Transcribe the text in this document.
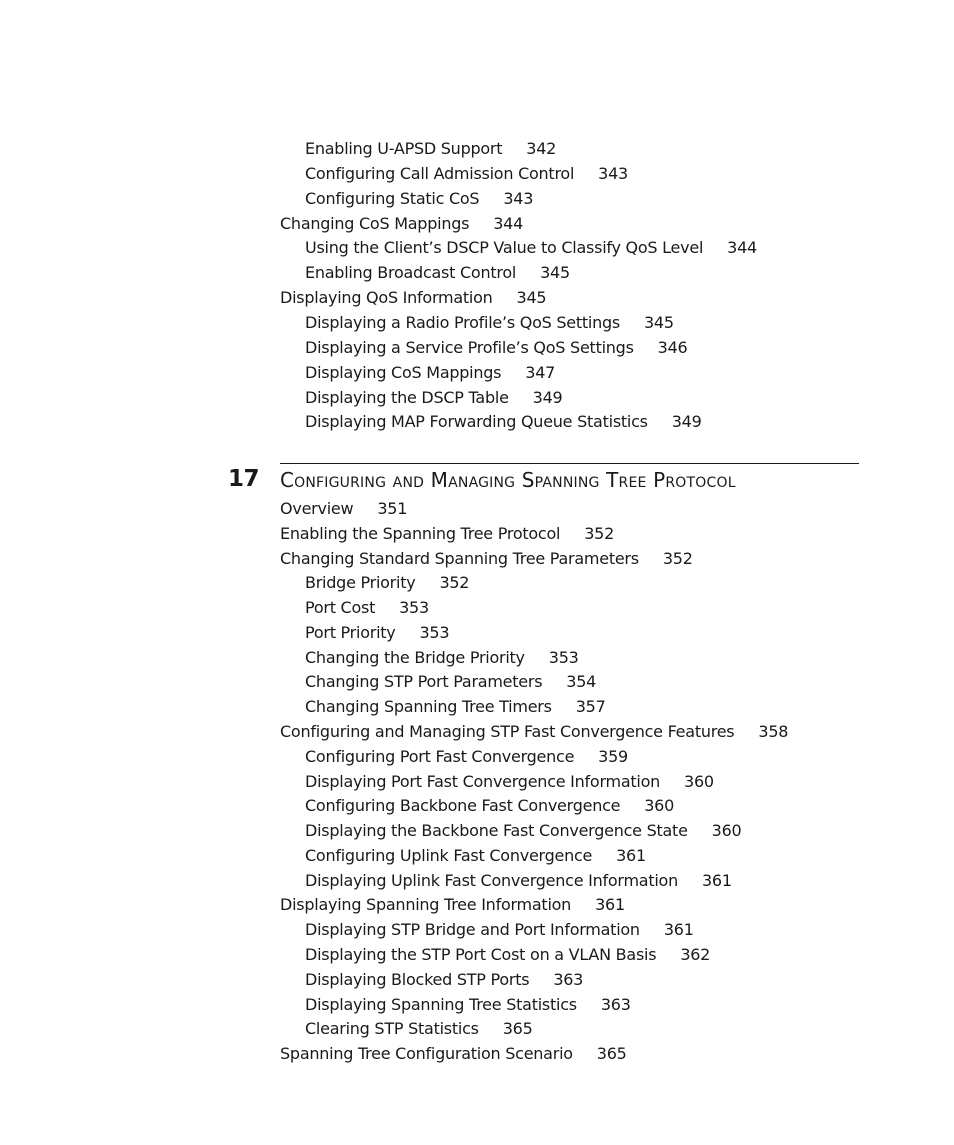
Enabling U-APSD Support 342
Configuring Call Admission Control 343
Configuring Static CoS 343
Changing CoS Mappings 344
Using the Client’s DSCP Value to Classify QoS Level 344
Enabling Broadcast Control 345
Displaying QoS Information 345
Displaying a Radio Profile’s QoS Settings 345
Displaying a Service Profile’s QoS Settings 346
Displaying CoS Mappings 347
Displaying the DSCP Table 349
Displaying MAP Forwarding Queue Statistics 349
17 Configuring and Managing Spanning Tree Protocol
Overview 351
Enabling the Spanning Tree Protocol 352
Changing Standard Spanning Tree Parameters 352
Bridge Priority 352
Port Cost 353
Port Priority 353
Changing the Bridge Priority 353
Changing STP Port Parameters 354
Changing Spanning Tree Timers 357
Configuring and Managing STP Fast Convergence Features 358
Configuring Port Fast Convergence 359
Displaying Port Fast Convergence Information 360
Configuring Backbone Fast Convergence 360
Displaying the Backbone Fast Convergence State 360
Configuring Uplink Fast Convergence 361
Displaying Uplink Fast Convergence Information 361
Displaying Spanning Tree Information 361
Displaying STP Bridge and Port Information 361
Displaying the STP Port Cost on a VLAN Basis 362
Displaying Blocked STP Ports 363
Displaying Spanning Tree Statistics 363
Clearing STP Statistics 365
Spanning Tree Configuration Scenario 365
